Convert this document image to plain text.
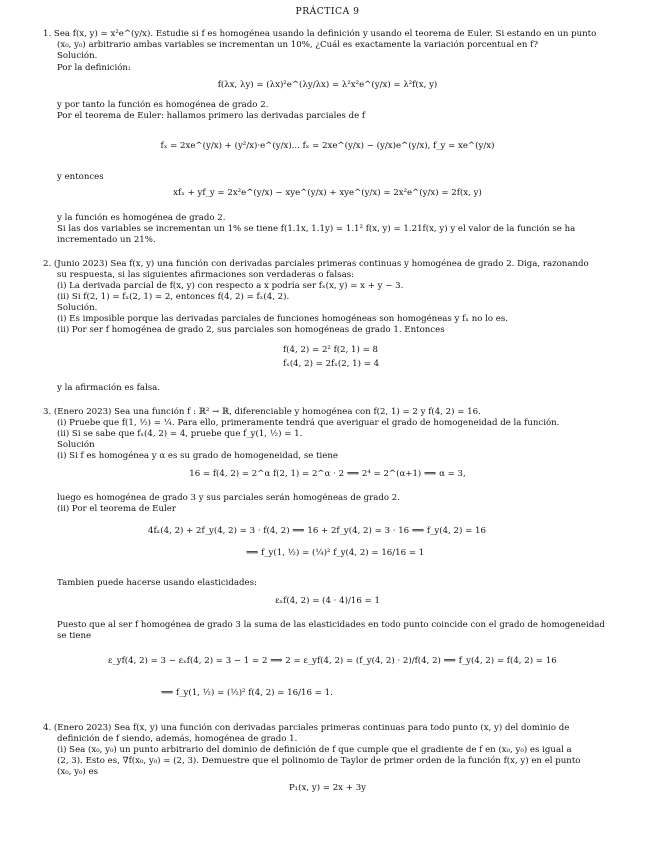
PRÁCTICA 9
1. Sea f(x, y) = x²e^(y/x). Estudie si f es homogénea usando la definición y usando el teorema de Euler. Si estando en un punto
(x₀, y₀) arbitrario ambas variables se incrementan un 10%, ¿Cuál es exactamente la variación porcentual en f?
Solución.
Por la definición:
f(λx, λy) = (λx)²e^(λy/λx) = λ²x²e^(y/x) = λ²f(x, y)
y por tanto la función es homogénea de grado 2.
Por el teorema de Euler: hallamos primero las derivadas parciales de f
fₓ = 2xe^(y/x) + (y²/x)·e^(y/x)... fₓ = 2xe^(y/x) − (y/x)e^(y/x), f_y = xe^(y/x)
y entonces
xfₓ + yf_y = 2x²e^(y/x) − xye^(y/x) + xye^(y/x) = 2x²e^(y/x) = 2f(x, y)
y la función es homogénea de grado 2.
Si las dos variables se incrementan un 1% se tiene f(1.1x, 1.1y) = 1.1² f(x, y) = 1.21f(x, y) y el valor de la función se ha
incrementado un 21%.
2. (Junio 2023) Sea f(x, y) una función con derivadas parciales primeras continuas y homogénea de grado 2. Diga, razonando
su respuesta, si las siguientes afirmaciones son verdaderas o falsas:
(i) La derivada parcial de f(x, y) con respecto a x podría ser fₓ(x, y) = x + y − 3.
(ii) Si f(2, 1) = fₓ(2, 1) = 2, entonces f(4, 2) = fₓ(4, 2).
Solución.
(i) Es imposible porque las derivadas parciales de funciones homogéneas son homogéneas y fₓ no lo es.
(ii) Por ser f homogénea de grado 2, sus parciales son homogéneas de grado 1. Entonces
f(4, 2) = 2² f(2, 1) = 8
fₓ(4, 2) = 2fₓ(2, 1) = 4
y la afirmación es falsa.
3. (Enero 2023) Sea una función f : ℝ² → ℝ, diferenciable y homogénea con f(2, 1) = 2 y f(4, 2) = 16.
(i) Pruebe que f(1, ½) = ¼. Para ello, primeramente tendrá que averiguar el grado de homogeneidad de la función.
(ii) Si se sabe que fₓ(4, 2) = 4, pruebe que f_y(1, ½) = 1.
Solución
(i) Si f es homogénea y α es su grado de homogeneidad, se tiene
16 = f(4, 2) = 2^α f(2, 1) = 2^α · 2 ⟹ 2⁴ = 2^(α+1) ⟹ α = 3,
luego es homogénea de grado 3 y sus parciales serán homogéneas de grado 2.
(ii) Por el teorema de Euler
4fₓ(4, 2) + 2f_y(4, 2) = 3 · f(4, 2) ⟹ 16 + 2f_y(4, 2) = 3 · 16 ⟹ f_y(4, 2) = 16
⟹ f_y(1, ½) = (¼)² f_y(4, 2) = 16/16 = 1
Tambien puede hacerse usando elasticidades:
εₓf(4, 2) = (4 · 4)/16 = 1
Puesto que al ser f homogénea de grado 3 la suma de las elasticidades en todo punto coincide con el grado de homogeneidad
se tiene
ε_yf(4, 2) = 3 − εₓf(4, 2) = 3 − 1 = 2 ⟹ 2 = ε_yf(4, 2) = (f_y(4, 2) · 2)/f(4, 2) ⟹ f_y(4, 2) = f(4, 2) = 16
⟹ f_y(1, ½) = (½)² f(4, 2) = 16/16 = 1.
4. (Enero 2023) Sea f(x, y) una función con derivadas parciales primeras continuas para todo punto (x, y) del dominio de
definición de f siendo, además, homogénea de grado 1.
(i) Sea (x₀, y₀) un punto arbitrario del dominio de definición de f que cumple que el gradiente de f en (x₀, y₀) es igual a
(2, 3). Esto es, ∇f(x₀, y₀) = (2, 3). Demuestre que el polinomio de Taylor de primer orden de la función f(x, y) en el punto
(x₀, y₀) es
P₁(x, y) = 2x + 3y
